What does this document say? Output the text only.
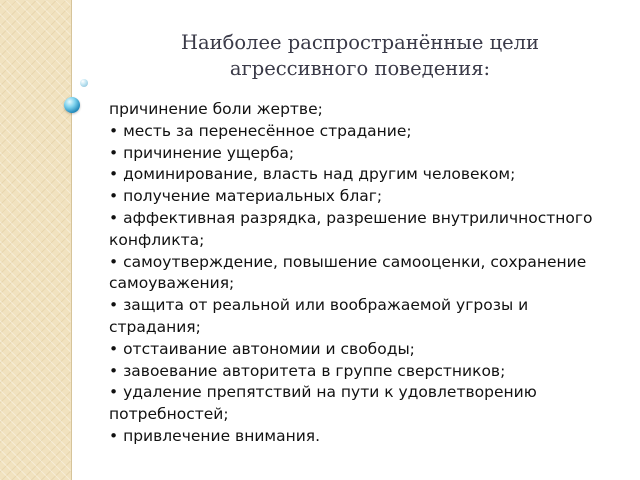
Наиболее распространённые цели
агрессивного поведения:
причинение боли жертве;
• месть за перенесённое страдание;
• причинение ущерба;
• доминирование, власть над другим человеком;
• получение материальных благ;
• аффективная разрядка, разрешение внутриличностного конфликта;
• самоутверждение, повышение самооценки, сохранение самоуважения;
• защита от реальной или воображаемой угрозы и страдания;
• отстаивание автономии и свободы;
• завоевание авторитета в группе сверстников;
• удаление препятствий на пути к удовлетворению потребностей;
• привлечение внимания.
